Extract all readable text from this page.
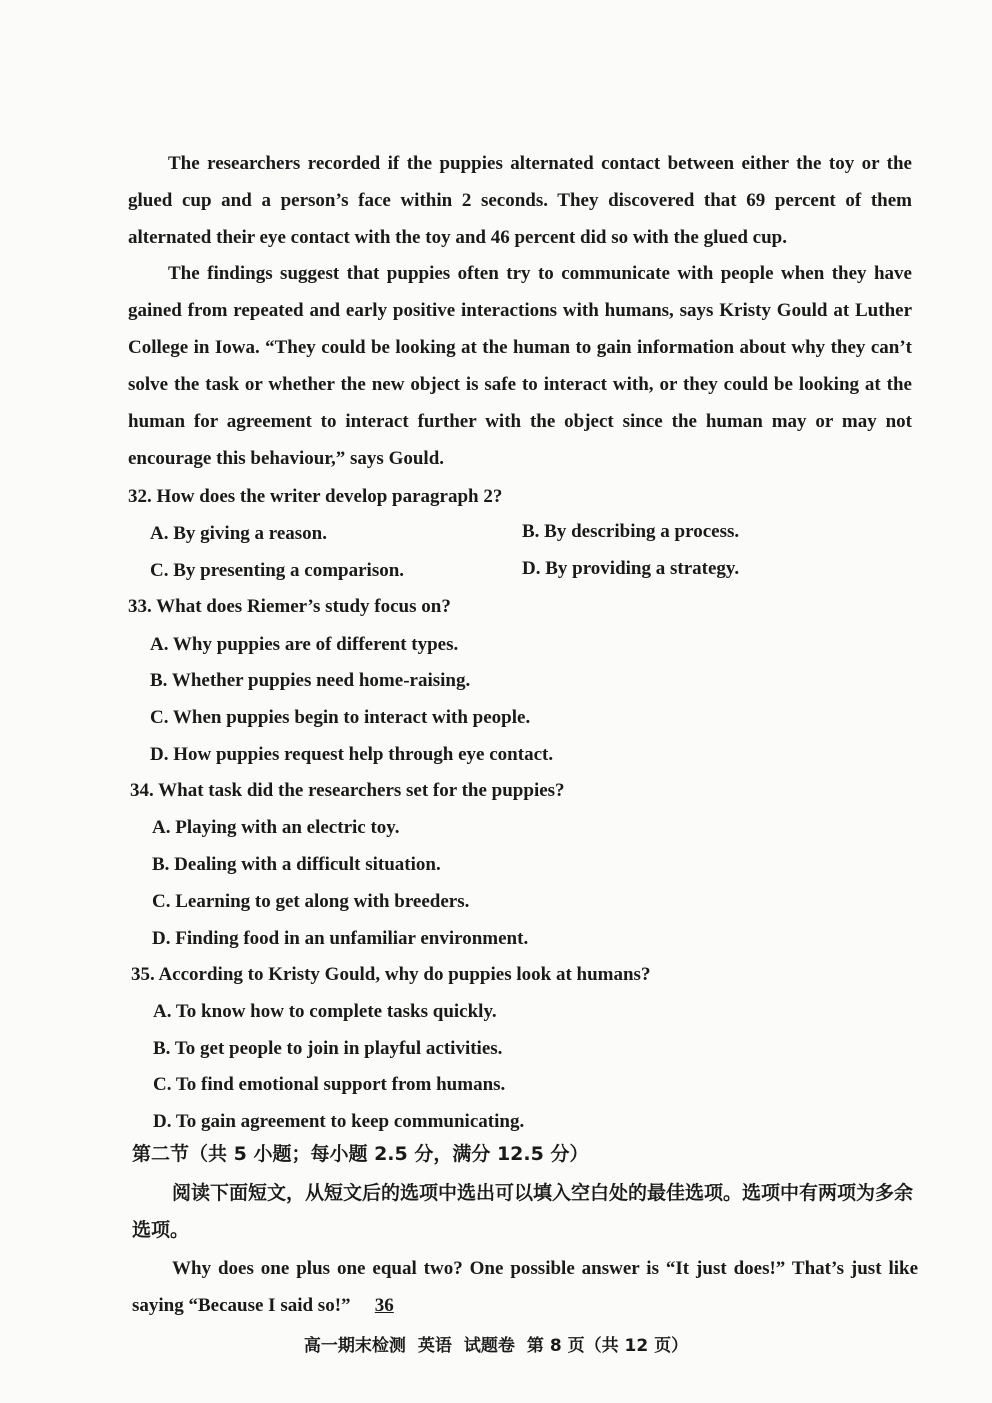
The researchers recorded if the puppies alternated contact between either the toy or the glued cup and a person’s face within 2 seconds. They discovered that 69 percent of them alternated their eye contact with the toy and 46 percent did so with the glued cup.

The findings suggest that puppies often try to communicate with people when they have gained from repeated and early positive interactions with humans, says Kristy Gould at Luther College in Iowa. “They could be looking at the human to gain information about why they can’t solve the task or whether the new object is safe to interact with, or they could be looking at the human for agreement to interact further with the object since the human may or may not encourage this behaviour,” says Gould.

32. How does the writer develop paragraph 2?
A. By giving a reason.	B. By describing a process.
C. By presenting a comparison.	D. By providing a strategy.
33. What does Riemer’s study focus on?
A. Why puppies are of different types.
B. Whether puppies need home-raising.
C. When puppies begin to interact with people.
D. How puppies request help through eye contact.
34. What task did the researchers set for the puppies?
A. Playing with an electric toy.
B. Dealing with a difficult situation.
C. Learning to get along with breeders.
D. Finding food in an unfamiliar environment.
35. According to Kristy Gould, why do puppies look at humans?
A. To know how to complete tasks quickly.
B. To get people to join in playful activities.
C. To find emotional support from humans.
D. To gain agreement to keep communicating.
第二节（共 5 小题；每小题 2.5 分，满分 12.5 分）

阅读下面短文，从短文后的选项中选出可以填入空白处的最佳选项。选项中有两项为多余选项。

Why does one plus one equal two? One possible answer is “It just does!” That’s just like saying “Because I said so!” 36

高一期末检测 英语 试题卷 第 8 页（共 12 页）
